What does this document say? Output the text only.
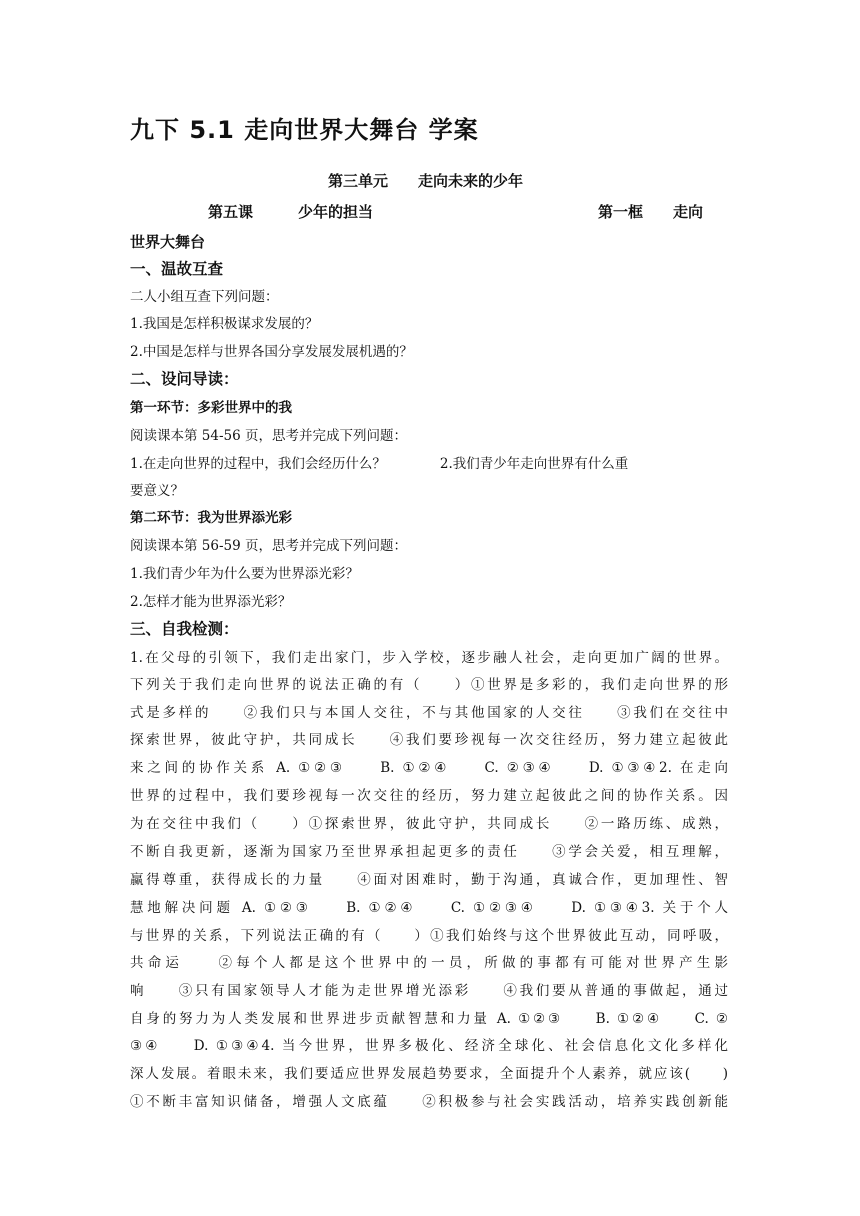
九下 5.1 走向世界大舞台 学案
第三单元　　走向未来的少年
第五课　　　少年的担当	第一框　　走向
世界大舞台
一、温故互查
二人小组互查下列问题：
1.我国是怎样积极谋求发展的？
2.中国是怎样与世界各国分享发展发展机遇的？
二、设问导读：
第一环节：多彩世界中的我
阅读课本第 54-56 页，思考并完成下列问题：
1.在走向世界的过程中，我们会经历什么？　　　　2.我们青少年走向世界有什么重
要意义？
第二环节：我为世界添光彩
阅读课本第 56-59 页，思考并完成下列问题：
1.我们青少年为什么要为世界添光彩？
2.怎样才能为世界添光彩？
三、自我检测：
1.在父母的引领下，我们走出家门，步入学校，逐步融人社会，走向更加广阔的世界。
下列关于我们走向世界的说法正确的有（　　）①世界是多彩的，我们走向世界的形
式是多样的　　②我们只与本国人交往，不与其他国家的人交往　　③我们在交往中
探索世界，彼此守护，共同成长　　④我们要珍视每一次交往经历，努力建立起彼此
来之间的协作关系 A. ①②③　　B. ①②④　　C. ②③④　　D. ①③④2. 在走向
世界的过程中，我们要珍视每一次交往的经历，努力建立起彼此之间的协作关系。因
为在交往中我们（　　）①探索世界，彼此守护，共同成长　　②一路历练、成熟，
不断自我更新，逐渐为国家乃至世界承担起更多的责任　　③学会关爱，相互理解，
赢得尊重，获得成长的力量　　④面对困难时，勤于沟通，真诚合作，更加理性、智
慧地解决问题 A. ①②③　　B. ①②④　　C. ①②③④　　D. ①③④3. 关于个人
与世界的关系，下列说法正确的有（　　）①我们始终与这个世界彼此互动，同呼吸，
共命运　　②每个人都是这个世界中的一员，所做的事都有可能对世界产生影
响　　③只有国家领导人才能为走世界增光添彩　　④我们要从普通的事做起，通过
自身的努力为人类发展和世界进步贡献智慧和力量 A. ①②③　　B. ①②④　　C. ②
③④　　D. ①③④4. 当今世界，世界多极化、经济全球化、社会信息化文化多样化
深人发展。着眼未来，我们要适应世界发展趋势要求，全面提升个人素养，就应该(　　)
①不断丰富知识储备，增强人文底蕴　　②积极参与社会实践活动，培养实践创新能
